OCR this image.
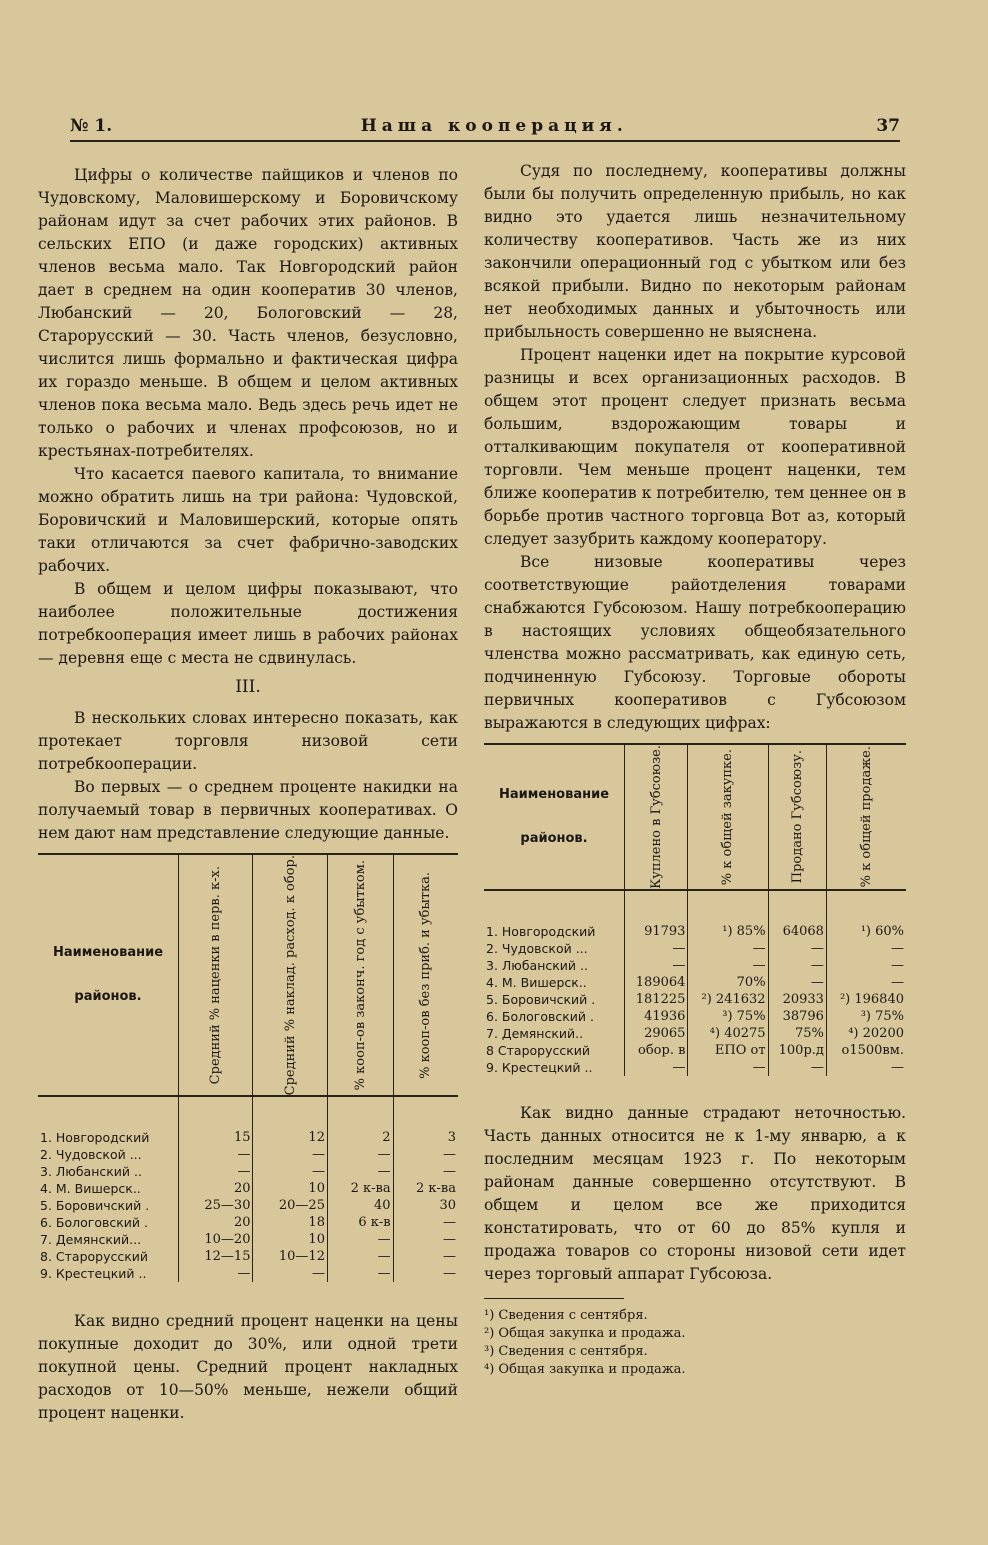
№ 1.	Наша кооперация.	37

Цифры о количестве пайщиков и членов по Чудовскому, Маловишерскому и Боровичскому районам идут за счет рабочих этих районов. В сельских ЕПО (и даже городских) активных членов весьма мало. Так Новгородский район дает в среднем на один кооператив 30 членов, Любанский — 20, Бологовский — 28, Старорусский — 30. Часть членов, безусловно, числится лишь формально и фактическая цифра их гораздо меньше. В общем и целом активных членов пока весьма мало. Ведь здесь речь идет не только о рабочих и членах профсоюзов, но и крестьянах-потребителях.

Что касается паевого капитала, то внимание можно обратить лишь на три района: Чудовской, Боровичский и Маловишерский, которые опять таки отличаются за счет фабрично-заводских рабочих.

В общем и целом цифры показывают, что наиболее положительные достижения потребкооперация имеет лишь в рабочих районах — деревня еще с места не сдвинулась.

III.

В нескольких словах интересно показать, как протекает торговля низовой сети потребкооперации.

Во первых — о среднем проценте накидки на получаемый товар в первичных кооперативах. О нем дают нам представление следующие данные.

Наименование районов.	Средний % наценки в перв. к-х.	Средний % наклад. расход. к обор.	% кооп-ов законч. год с убытком.	% кооп-ов без приб. и убытка.

1. Новгородский	15	12	2	3
2. Чудовской ...	—	—	—	—
3. Любанский ..	—	—	—	—
4. М. Вишерск..	20	10	2 к-ва	2 к-ва
5. Боровичский .	25—30	20—25	40	30
6. Бологовский .	20	18	6 к-в	—
7. Демянский...	10—20	10	—	—
8. Старорусский	12—15	10—12	—	—
9. Крестецкий ..	—	—	—	—

Как видно средний процент наценки на цены покупные доходит до 30%, или одной трети покупной цены. Средний процент накладных расходов от 10—50% меньше, нежели общий процент наценки.

Судя по последнему, кооперативы должны были бы получить определенную прибыль, но как видно это удается лишь незначительному количеству кооперативов. Часть же из них закончили операционный год с убытком или без всякой прибыли. Видно по некоторым районам нет необходимых данных и убыточность или прибыльность совершенно не выяснена.

Процент наценки идет на покрытие курсовой разницы и всех организационных расходов. В общем этот процент следует признать весьма большим, вздорожающим товары и отталкивающим покупателя от кооперативной торговли. Чем меньше процент наценки, тем ближе кооператив к потребителю, тем ценнее он в борьбе против частного торговца Вот аз, который следует зазубрить каждому кооператору.

Все низовые кооперативы через соответствующие райотделения товарами снабжаются Губсоюзом. Нашу потребкооперацию в настоящих условиях общеобязательного членства можно рассматривать, как единую сеть, подчиненную Губсоюзу. Торговые обороты первичных кооперативов с Губсоюзом выражаются в следующих цифрах:

Наименование районов.	Куплено в Губсоюзе.	% к общей закупке.	Продано Губсоюзу.	% к общей продаже.

1. Новгородский	91793	¹) 85%	64068	¹) 60%
2. Чудовской ...	—	—	—	—
3. Любанский ..	—	—	—	—
4. М. Вишерск..	189064	70%	—	—
5. Боровичский .	181225	²) 241632	20933	²) 196840
6. Бологовский .	41936	³) 75%	38796	³) 75%
7. Демянский..	29065	⁴) 40275	75%	⁴) 20200
8 Старорусский	обор. в	ЕПО от	100р.д	о1500вм.
9. Крестецкий ..	—	—	—	—

Как видно данные страдают неточностью. Часть данных относится не к 1-му январю, а к последним месяцам 1923 г. По некоторым районам данные совершенно отсутствуют. В общем и целом все же приходится констатировать, что от 60 до 85% купля и продажа товаров со стороны низовой сети идет через торговый аппарат Губсоюза.

¹) Сведения с сентября.
²) Общая закупка и продажа.
³) Сведения с сентября.
⁴) Общая закупка и продажа.
